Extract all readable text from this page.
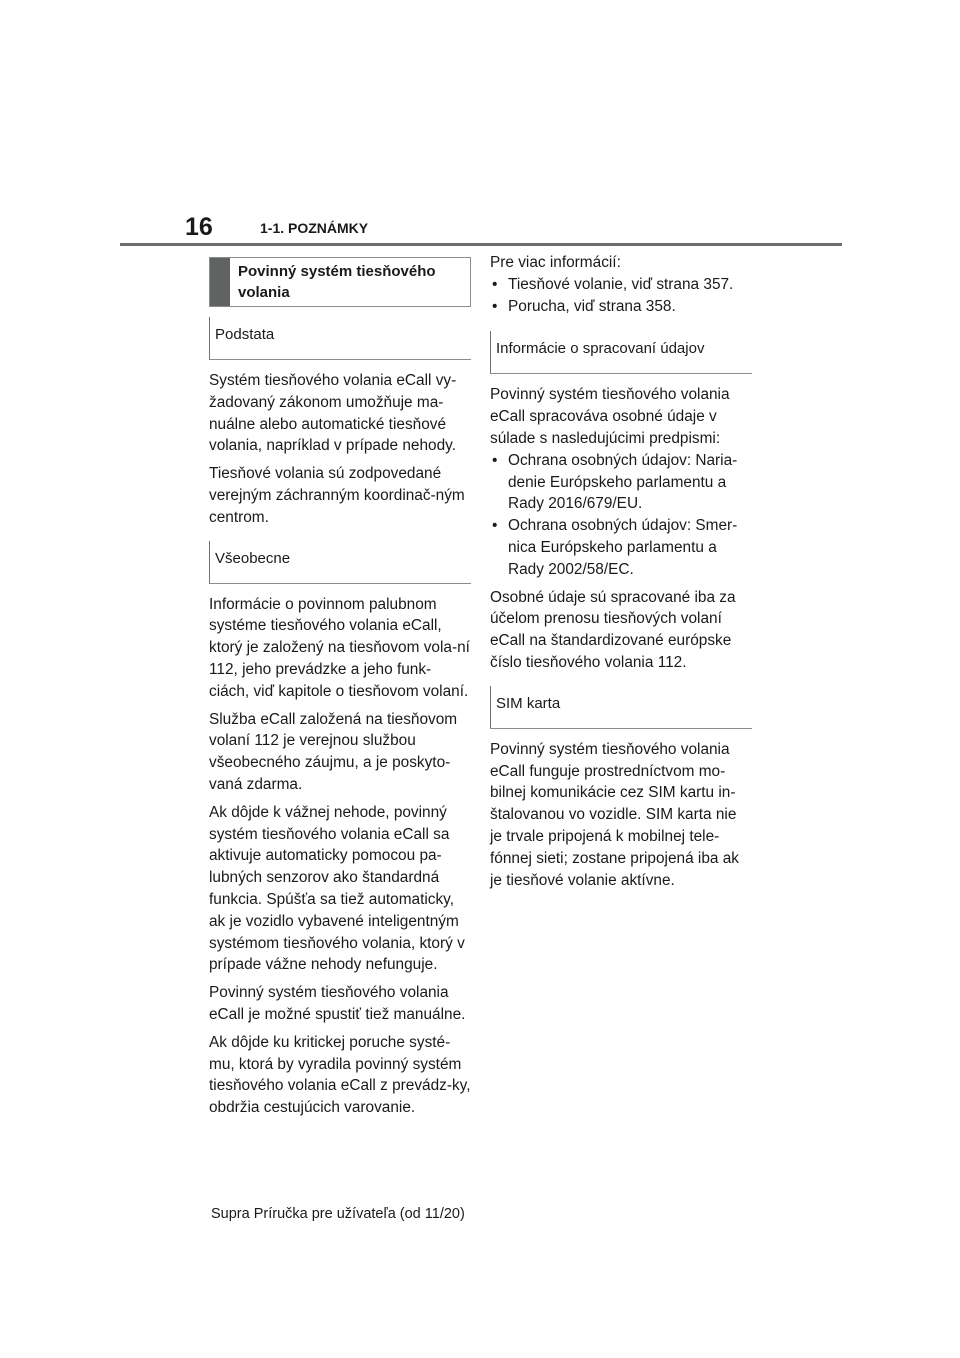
16	1-1. POZNÁMKY
Povinný systém tiesňového volania
Podstata

Systém tiesňového volania eCall vy-žadovaný zákonom umožňuje ma-nuálne alebo automatické tiesňové volania, napríklad v prípade nehody.

Tiesňové volania sú zodpovedané verejným záchranným koordinač-ným centrom.

Všeobecne

Informácie o povinnom palubnom systéme tiesňového volania eCall, ktorý je založený na tiesňovom vola-ní 112, jeho prevádzke a jeho funk-ciách, viď kapitole o tiesňovom volaní.

Služba eCall založená na tiesňovom volaní 112 je verejnou službou všeobecného záujmu, a je poskyto-vaná zdarma.

Ak dôjde k vážnej nehode, povinný systém tiesňového volania eCall sa aktivuje automaticky pomocou pa-lubných senzorov ako štandardná funkcia. Spúšťa sa tiež automaticky, ak je vozidlo vybavené inteligentným systémom tiesňového volania, ktorý v prípade vážne nehody nefunguje.

Povinný systém tiesňového volania eCall je možné spustiť tiež manuálne.

Ak dôjde ku kritickej poruche systé-mu, ktorá by vyradila povinný systém tiesňového volania eCall z prevádz-ky, obdržia cestujúcich varovanie.

Pre viac informácií:

• Tiesňové volanie, viď strana 357.
• Porucha, viď strana 358.
Informácie o spracovaní údajov

Povinný systém tiesňového volania eCall spracováva osobné údaje v súlade s nasledujúcimi predpismi:

• Ochrana osobných údajov: Naria-denie Európskeho parlamentu a Rady 2016/679/EU.
• Ochrana osobných údajov: Smer-nica Európskeho parlamentu a Rady 2002/58/EC.

Osobné údaje sú spracované iba za účelom prenosu tiesňových volaní eCall na štandardizované európske číslo tiesňového volania 112.

SIM karta

Povinný systém tiesňového volania eCall funguje prostredníctvom mo-bilnej komunikácie cez SIM kartu in-štalovanou vo vozidle. SIM karta nie je trvale pripojená k mobilnej tele-fónnej sieti; zostane pripojená iba ak je tiesňové volanie aktívne.

Supra Príručka pre užívateľa (od 11/20)
